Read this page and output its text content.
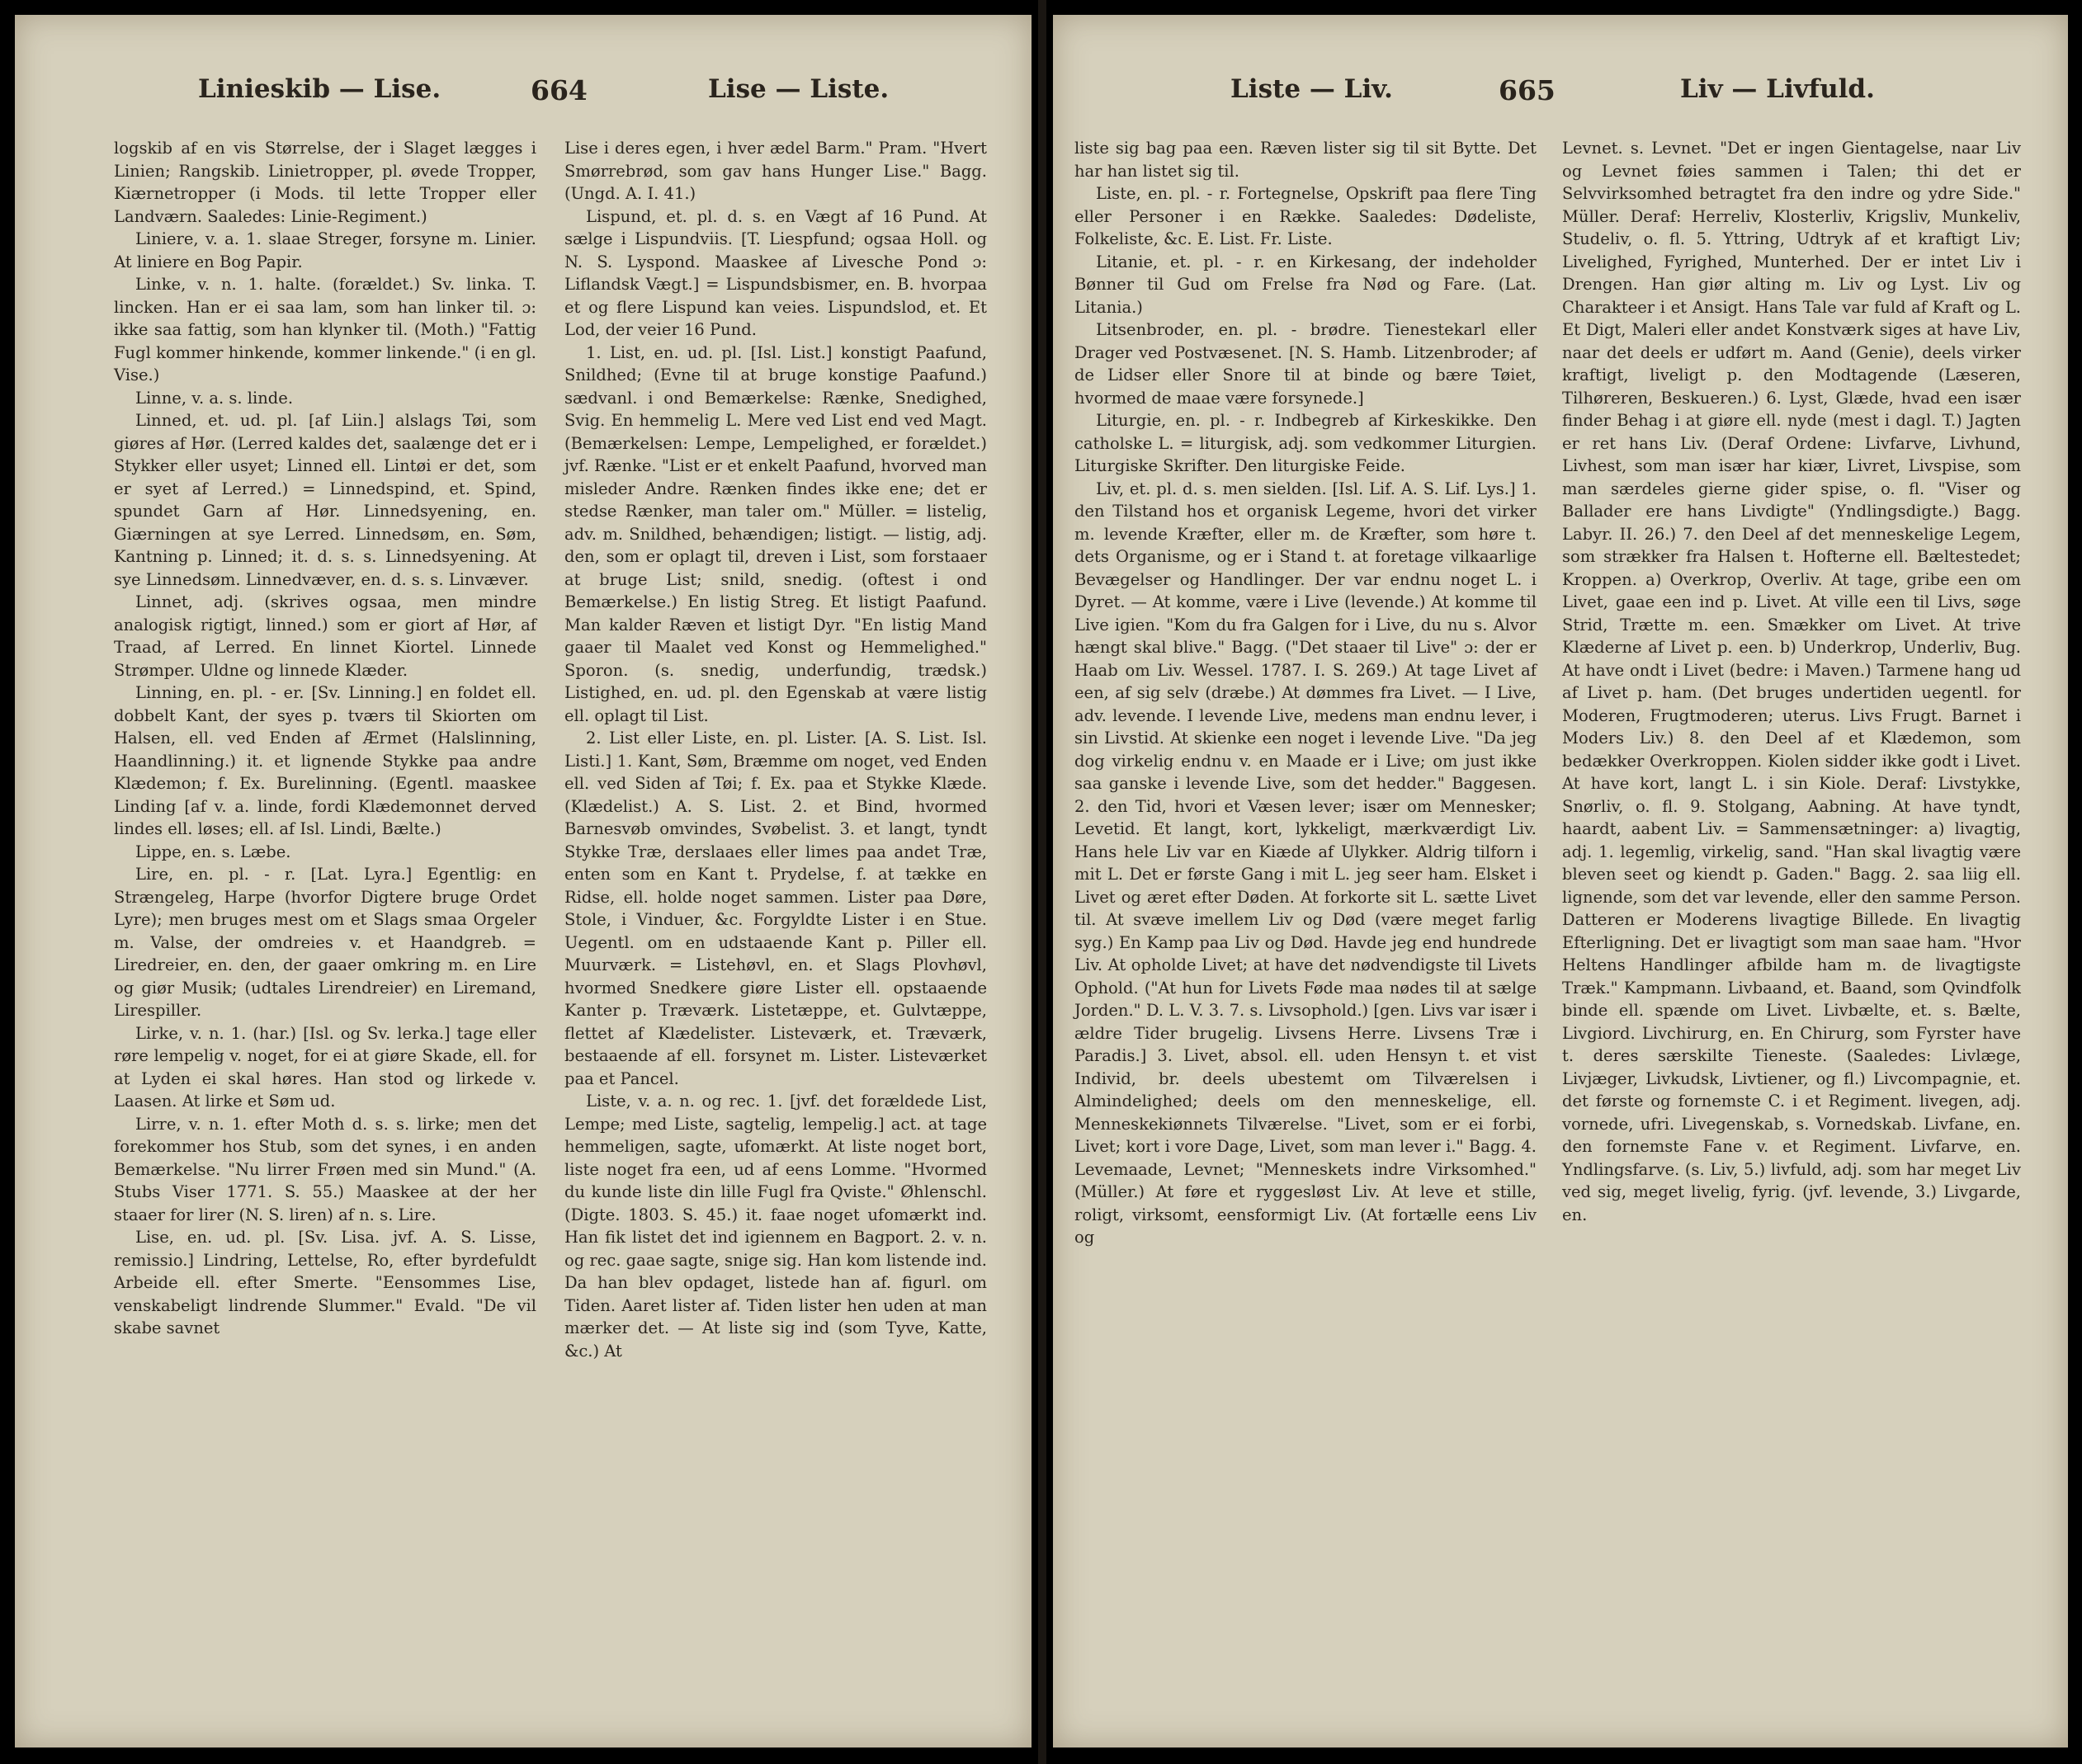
Linieskib — Lise.	664	Lise — Liste.

logskib af en vis Størrelse, der i Slaget lægges i Linien; Rangskib. Linietropper, pl. øvede Tropper, Kiærnetropper (i Mods. til lette Tropper eller Landværn. Saaledes: Linie-Regiment.)

Liniere, v. a. 1. slaae Streger, forsyne m. Linier. At liniere en Bog Papir.

Linke, v. n. 1. halte. (forældet.) Sv. linka. T. lincken. Han er ei saa lam, som han linker til. ɔ: ikke saa fattig, som han klynker til. (Moth.) "Fattig Fugl kommer hinkende, kommer linkende." (i en gl. Vise.)

Linne, v. a. s. linde.

Linned, et. ud. pl. [af Liin.] alslags Tøi, som giøres af Hør. (Lerred kaldes det, saalænge det er i Stykker eller usyet; Linned ell. Lintøi er det, som er syet af Lerred.) = Linnedspind, et. Spind, spundet Garn af Hør. Linnedsyening, en. Giærningen at sye Lerred. Linnedsøm, en. Søm, Kantning p. Linned; it. d. s. s. Linnedsyening. At sye Linnedsøm. Linnedvæver, en. d. s. s. Linvæver.

Linnet, adj. (skrives ogsaa, men mindre analogisk rigtigt, linned.) som er giort af Hør, af Traad, af Lerred. En linnet Kiortel. Linnede Strømper. Uldne og linnede Klæder.

Linning, en. pl. - er. [Sv. Linning.] en foldet ell. dobbelt Kant, der syes p. tværs til Skiorten om Halsen, ell. ved Enden af Ærmet (Halslinning, Haandlinning.) it. et lignende Stykke paa andre Klædemon; f. Ex. Burelinning. (Egentl. maaskee Linding [af v. a. linde, fordi Klædemonnet derved lindes ell. løses; ell. af Isl. Lindi, Bælte.)

Lippe, en. s. Læbe.

Lire, en. pl. - r. [Lat. Lyra.] Egentlig: en Strængeleg, Harpe (hvorfor Digtere bruge Ordet Lyre); men bruges mest om et Slags smaa Orgeler m. Valse, der omdreies v. et Haandgreb. = Liredreier, en. den, der gaaer omkring m. en Lire og giør Musik; (udtales Lirendreier) en Liremand, Lirespiller.

Lirke, v. n. 1. (har.) [Isl. og Sv. lerka.] tage eller røre lempelig v. noget, for ei at giøre Skade, ell. for at Lyden ei skal høres. Han stod og lirkede v. Laasen. At lirke et Søm ud.

Lirre, v. n. 1. efter Moth d. s. s. lirke; men det forekommer hos Stub, som det synes, i en anden Bemærkelse. "Nu lirrer Frøen med sin Mund." (A. Stubs Viser 1771. S. 55.) Maaskee at der her staaer for lirer (N. S. liren) af n. s. Lire.

Lise, en. ud. pl. [Sv. Lisa. jvf. A. S. Lisse, remissio.] Lindring, Lettelse, Ro, efter byrdefuldt Arbeide ell. efter Smerte. "Eensommes Lise, venskabeligt lindrende Slummer." Evald. "De vil skabe savnet

Lise i deres egen, i hver ædel Barm." Pram. "Hvert Smørrebrød, som gav hans Hunger Lise." Bagg. (Ungd. A. I. 41.)

Lispund, et. pl. d. s. en Vægt af 16 Pund. At sælge i Lispundviis. [T. Liespfund; ogsaa Holl. og N. S. Lyspond. Maaskee af Livesche Pond ɔ: Liflandsk Vægt.] = Lispundsbismer, en. B. hvorpaa et og flere Lispund kan veies. Lispundslod, et. Et Lod, der veier 16 Pund.

1. List, en. ud. pl. [Isl. List.] konstigt Paafund, Snildhed; (Evne til at bruge konstige Paafund.) sædvanl. i ond Bemærkelse: Rænke, Snedighed, Svig. En hemmelig L. Mere ved List end ved Magt. (Bemærkelsen: Lempe, Lempelighed, er forældet.) jvf. Rænke. "List er et enkelt Paafund, hvorved man misleder Andre. Rænken findes ikke ene; det er stedse Rænker, man taler om." Müller. = listelig, adv. m. Snildhed, behændigen; listigt. — listig, adj. den, som er oplagt til, dreven i List, som forstaaer at bruge List; snild, snedig. (oftest i ond Bemærkelse.) En listig Streg. Et listigt Paafund. Man kalder Ræven et listigt Dyr. "En listig Mand gaaer til Maalet ved Konst og Hemmelighed." Sporon. (s. snedig, underfundig, trædsk.) Listighed, en. ud. pl. den Egenskab at være listig ell. oplagt til List.

2. List eller Liste, en. pl. Lister. [A. S. List. Isl. Listi.] 1. Kant, Søm, Bræmme om noget, ved Enden ell. ved Siden af Tøi; f. Ex. paa et Stykke Klæde. (Klædelist.) A. S. List. 2. et Bind, hvormed Barnesvøb omvindes, Svøbelist. 3. et langt, tyndt Stykke Træ, derslaaes eller limes paa andet Træ, enten som en Kant t. Prydelse, f. at tække en Ridse, ell. holde noget sammen. Lister paa Døre, Stole, i Vinduer, &c. Forgyldte Lister i en Stue. Uegentl. om en udstaaende Kant p. Piller ell. Muurværk. = Listehøvl, en. et Slags Plovhøvl, hvormed Snedkere giøre Lister ell. opstaaende Kanter p. Træværk. Listetæppe, et. Gulvtæppe, flettet af Klædelister. Listeværk, et. Træværk, bestaaende af ell. forsynet m. Lister. Listeværket paa et Pancel.

Liste, v. a. n. og rec. 1. [jvf. det forældede List, Lempe; med Liste, sagtelig, lempelig.] act. at tage hemmeligen, sagte, ufomærkt. At liste noget bort, liste noget fra een, ud af eens Lomme. "Hvormed du kunde liste din lille Fugl fra Qviste." Øhlenschl. (Digte. 1803. S. 45.) it. faae noget ufomærkt ind. Han fik listet det ind igiennem en Bagport. 2. v. n. og rec. gaae sagte, snige sig. Han kom listende ind. Da han blev opdaget, listede han af. figurl. om Tiden. Aaret lister af. Tiden lister hen uden at man mærker det. — At liste sig ind (som Tyve, Katte, &c.) At

Liste — Liv.	665	Liv — Livfuld.

liste sig bag paa een. Ræven lister sig til sit Bytte. Det har han listet sig til.

Liste, en. pl. - r. Fortegnelse, Opskrift paa flere Ting eller Personer i en Række. Saaledes: Dødeliste, Folkeliste, &c. E. List. Fr. Liste.

Litanie, et. pl. - r. en Kirkesang, der indeholder Bønner til Gud om Frelse fra Nød og Fare. (Lat. Litania.)

Litsenbroder, en. pl. - brødre. Tienestekarl eller Drager ved Postvæsenet. [N. S. Hamb. Litzenbroder; af de Lidser eller Snore til at binde og bære Tøiet, hvormed de maae være forsynede.]

Liturgie, en. pl. - r. Indbegreb af Kirkeskikke. Den catholske L. = liturgisk, adj. som vedkommer Liturgien. Liturgiske Skrifter. Den liturgiske Feide.

Liv, et. pl. d. s. men sielden. [Isl. Lif. A. S. Lif. Lys.] 1. den Tilstand hos et organisk Legeme, hvori det virker m. levende Kræfter, eller m. de Kræfter, som høre t. dets Organisme, og er i Stand t. at foretage vilkaarlige Bevægelser og Handlinger. Der var endnu noget L. i Dyret. — At komme, være i Live (levende.) At komme til Live igien. "Kom du fra Galgen for i Live, du nu s. Alvor hængt skal blive." Bagg. ("Det staaer til Live" ɔ: der er Haab om Liv. Wessel. 1787. I. S. 269.) At tage Livet af een, af sig selv (dræbe.) At dømmes fra Livet. — I Live, adv. levende. I levende Live, medens man endnu lever, i sin Livstid. At skienke een noget i levende Live. "Da jeg dog virkelig endnu v. en Maade er i Live; om just ikke saa ganske i levende Live, som det hedder." Baggesen. 2. den Tid, hvori et Væsen lever; især om Mennesker; Levetid. Et langt, kort, lykkeligt, mærkværdigt Liv. Hans hele Liv var en Kiæde af Ulykker. Aldrig tilforn i mit L. Det er første Gang i mit L. jeg seer ham. Elsket i Livet og æret efter Døden. At forkorte sit L. sætte Livet til. At svæve imellem Liv og Død (være meget farlig syg.) En Kamp paa Liv og Død. Havde jeg end hundrede Liv. At opholde Livet; at have det nødvendigste til Livets Ophold. ("At hun for Livets Føde maa nødes til at sælge Jorden." D. L. V. 3. 7. s. Livsophold.) [gen. Livs var især i ældre Tider brugelig. Livsens Herre. Livsens Træ i Paradis.] 3. Livet, absol. ell. uden Hensyn t. et vist Individ, br. deels ubestemt om Tilværelsen i Almindelighed; deels om den menneskelige, ell. Menneskekiønnets Tilværelse. "Livet, som er ei forbi, Livet; kort i vore Dage, Livet, som man lever i." Bagg. 4. Levemaade, Levnet; "Menneskets indre Virksomhed." (Müller.) At føre et ryggesløst Liv. At leve et stille, roligt, virksomt, eensformigt Liv. (At fortælle eens Liv og

Levnet. s. Levnet. "Det er ingen Gientagelse, naar Liv og Levnet føies sammen i Talen; thi det er Selvvirksomhed betragtet fra den indre og ydre Side." Müller. Deraf: Herreliv, Klosterliv, Krigsliv, Munkeliv, Studeliv, o. fl. 5. Yttring, Udtryk af et kraftigt Liv; Livelighed, Fyrighed, Munterhed. Der er intet Liv i Drengen. Han giør alting m. Liv og Lyst. Liv og Charakteer i et Ansigt. Hans Tale var fuld af Kraft og L. Et Digt, Maleri eller andet Konstværk siges at have Liv, naar det deels er udført m. Aand (Genie), deels virker kraftigt, liveligt p. den Modtagende (Læseren, Tilhøreren, Beskueren.) 6. Lyst, Glæde, hvad een især finder Behag i at giøre ell. nyde (mest i dagl. T.) Jagten er ret hans Liv. (Deraf Ordene: Livfarve, Livhund, Livhest, som man især har kiær, Livret, Livspise, som man særdeles gierne gider spise, o. fl. "Viser og Ballader ere hans Livdigte" (Yndlingsdigte.) Bagg. Labyr. II. 26.) 7. den Deel af det menneskelige Legem, som strækker fra Halsen t. Hofterne ell. Bæltestedet; Kroppen. a) Overkrop, Overliv. At tage, gribe een om Livet, gaae een ind p. Livet. At ville een til Livs, søge Strid, Trætte m. een. Smækker om Livet. At trive Klæderne af Livet p. een. b) Underkrop, Underliv, Bug. At have ondt i Livet (bedre: i Maven.) Tarmene hang ud af Livet p. ham. (Det bruges undertiden uegentl. for Moderen, Frugtmoderen; uterus. Livs Frugt. Barnet i Moders Liv.) 8. den Deel af et Klædemon, som bedækker Overkroppen. Kiolen sidder ikke godt i Livet. At have kort, langt L. i sin Kiole. Deraf: Livstykke, Snørliv, o. fl. 9. Stolgang, Aabning. At have tyndt, haardt, aabent Liv. = Sammensætninger: a) livagtig, adj. 1. legemlig, virkelig, sand. "Han skal livagtig være bleven seet og kiendt p. Gaden." Bagg. 2. saa liig ell. lignende, som det var levende, eller den samme Person. Datteren er Moderens livagtige Billede. En livagtig Efterligning. Det er livagtigt som man saae ham. "Hvor Heltens Handlinger afbilde ham m. de livagtigste Træk." Kampmann. Livbaand, et. Baand, som Qvindfolk binde ell. spænde om Livet. Livbælte, et. s. Bælte, Livgiord. Livchirurg, en. En Chirurg, som Fyrster have t. deres særskilte Tieneste. (Saaledes: Livlæge, Livjæger, Livkudsk, Livtiener, og fl.) Livcompagnie, et. det første og fornemste C. i et Regiment. livegen, adj. vornede, ufri. Livegenskab, s. Vornedskab. Livfane, en. den fornemste Fane v. et Regiment. Livfarve, en. Yndlingsfarve. (s. Liv, 5.) livfuld, adj. som har meget Liv ved sig, meget livelig, fyrig. (jvf. levende, 3.) Livgarde, en.
